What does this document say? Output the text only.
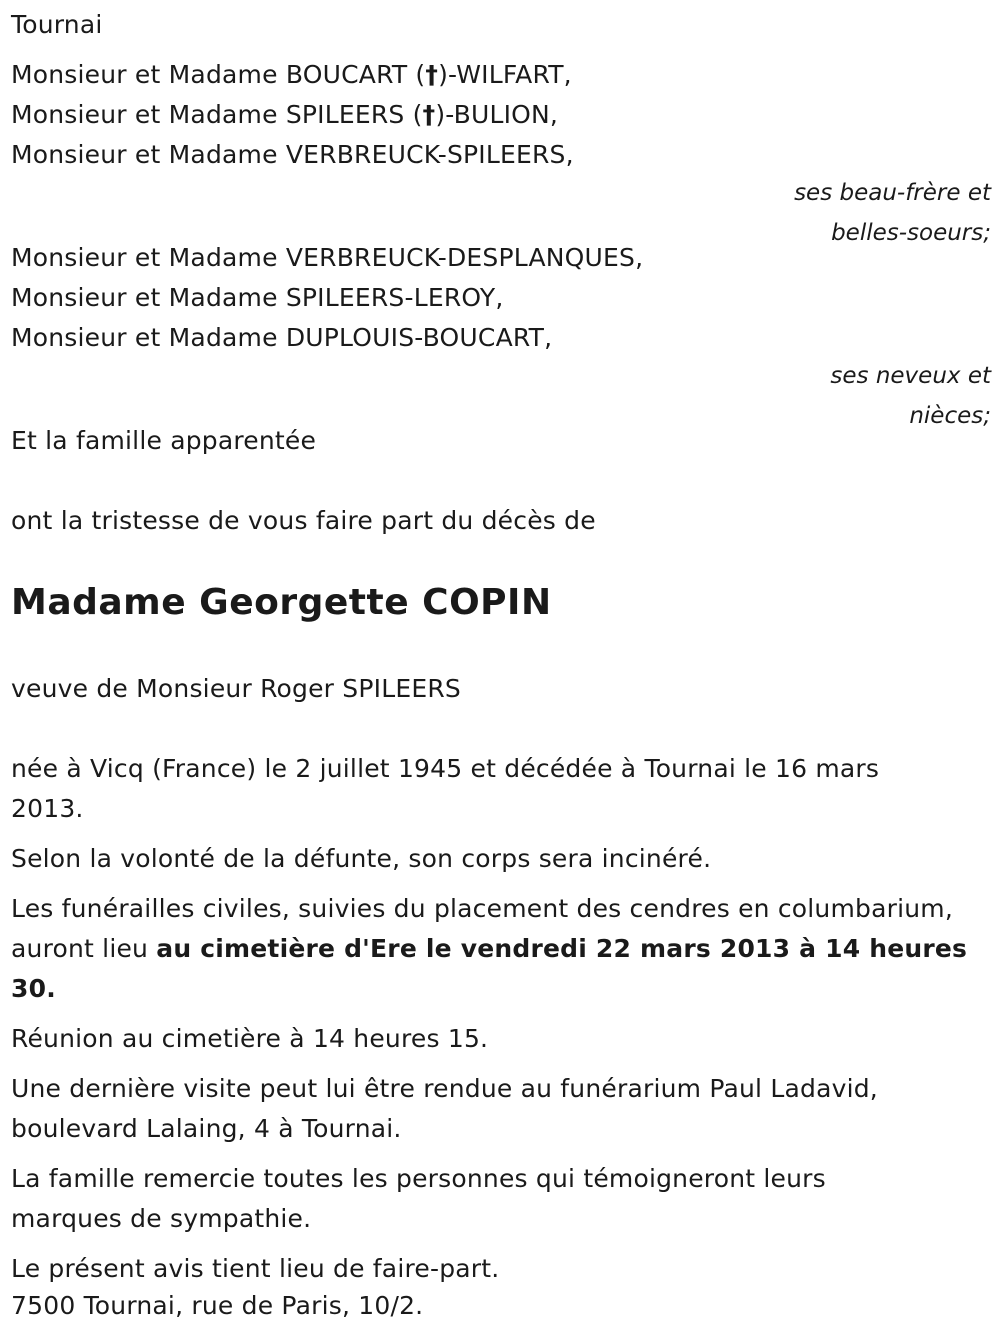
Tournai
Monsieur et Madame BOUCART (†)-WILFART,
Monsieur et Madame SPILEERS (†)-BULION,
Monsieur et Madame VERBREUCK-SPILEERS,
ses beau-frère et
belles-soeurs;
Monsieur et Madame VERBREUCK-DESPLANQUES,
Monsieur et Madame SPILEERS-LEROY,
Monsieur et Madame DUPLOUIS-BOUCART,
ses neveux et
nièces;
Et la famille apparentée
ont la tristesse de vous faire part du décès de
Madame Georgette COPIN
veuve de Monsieur Roger SPILEERS
née à Vicq (France) le 2 juillet 1945 et décédée à Tournai le 16 mars 2013.
Selon la volonté de la défunte, son corps sera incinéré.
Les funérailles civiles, suivies du placement des cendres en columbarium, auront lieu au cimetière d'Ere le vendredi 22 mars 2013 à 14 heures 30.
Réunion au cimetière à 14 heures 15.
Une dernière visite peut lui être rendue au funérarium Paul Ladavid, boulevard Lalaing, 4 à Tournai.
La famille remercie toutes les personnes qui témoigneront leurs marques de sympathie.
Le présent avis tient lieu de faire-part.
7500 Tournai, rue de Paris, 10/2.
